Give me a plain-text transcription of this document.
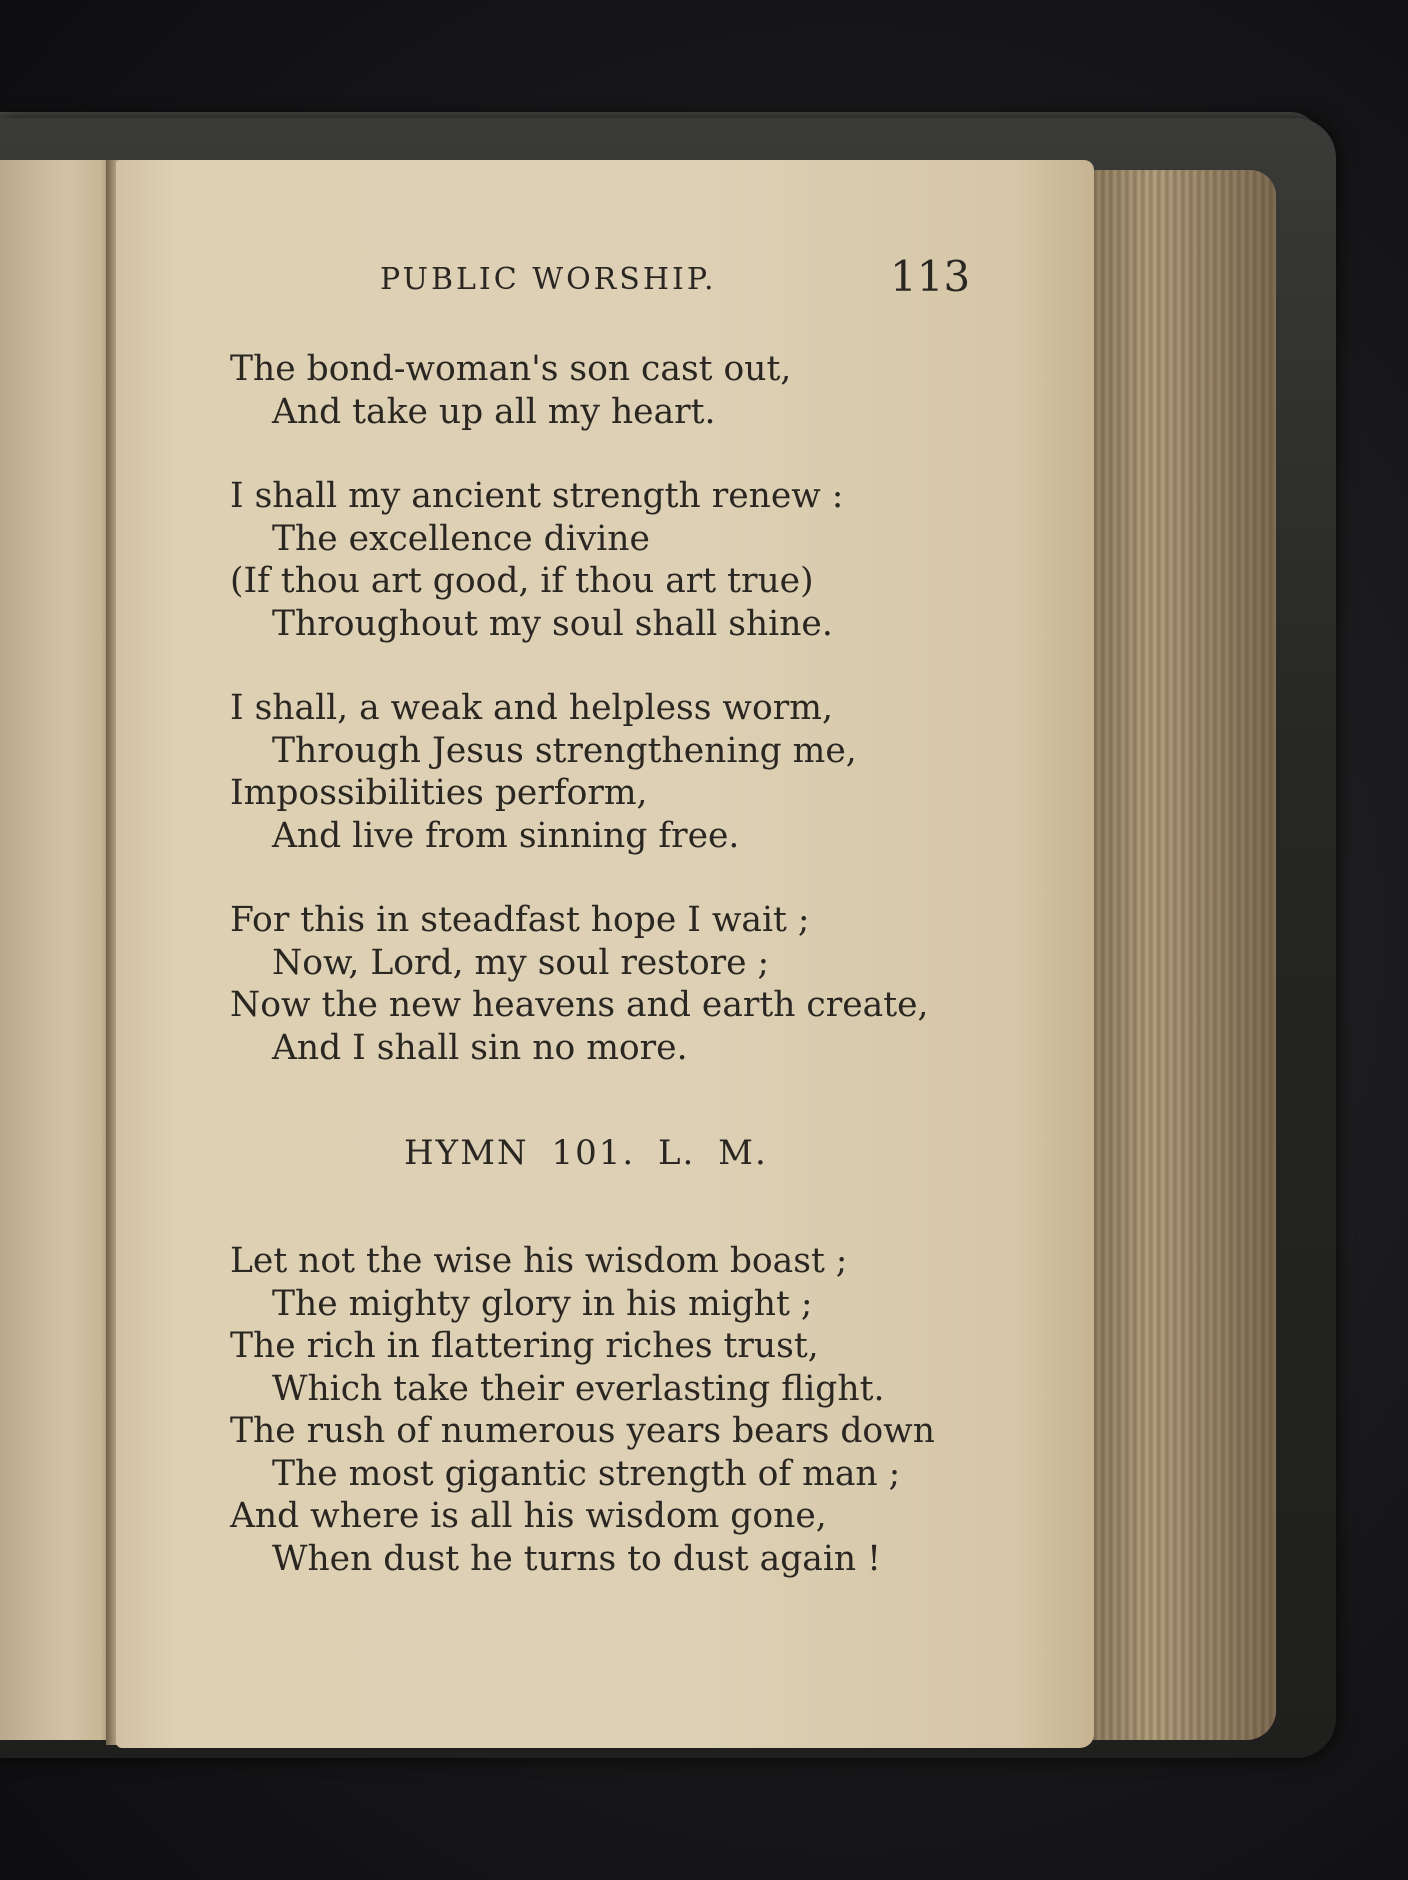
PUBLIC WORSHIP.	113
The bond-woman's son cast out,
And take up all my heart.
I shall my ancient strength renew :
The excellence divine
(If thou art good, if thou art true)
Throughout my soul shall shine.
I shall, a weak and helpless worm,
Through Jesus strengthening me,
Impossibilities perform,
And live from sinning free.
For this in steadfast hope I wait ;
Now, Lord, my soul restore ;
Now the new heavens and earth create,
And I shall sin no more.
HYMN 101. L. M.
Let not the wise his wisdom boast ;
The mighty glory in his might ;
The rich in flattering riches trust,
Which take their everlasting flight.
The rush of numerous years bears down
The most gigantic strength of man ;
And where is all his wisdom gone,
When dust he turns to dust again !
